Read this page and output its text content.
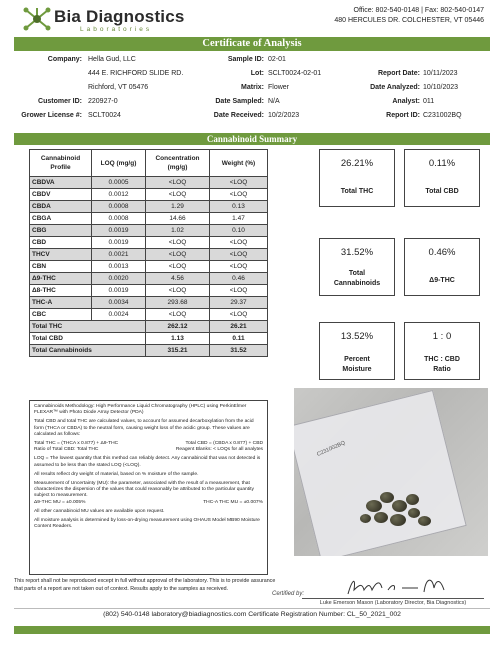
Bia Diagnostics
Laboratories
Office: 802-540-0148 | Fax: 802-540-0147
480 HERCULES DR. COLCHESTER, VT 05446
Certificate of Analysis
Company: Hella Gud, LLC
444 E. RICHFORD SLIDE RD.
Richford, VT 05476
Customer ID: 220927-0
Grower License #: SCLT0024
Sample ID: 02-01
Lot: SCLT0024-02-01
Matrix: Flower
Date Sampled: N/A
Date Received: 10/2/2023
Report Date: 10/11/2023
Date Analyzed: 10/10/2023
Analyst: 011
Report ID: C231002BQ
Cannabinoid Summary
Cannabinoid Profile	LOQ (mg/g)	Concentration (mg/g)	Weight (%)
CBDVA	0.0005	<LOQ	<LOQ
CBDV	0.0012	<LOQ	<LOQ
CBDA	0.0008	1.29	0.13
CBGA	0.0008	14.66	1.47
CBG	0.0019	1.02	0.10
CBD	0.0019	<LOQ	<LOQ
THCV	0.0021	<LOQ	<LOQ
CBN	0.0013	<LOQ	<LOQ
Δ9-THC	0.0020	4.56	0.46
Δ8-THC	0.0019	<LOQ	<LOQ
THC-A	0.0034	293.68	29.37
CBC	0.0024	<LOQ	<LOQ
Total THC		262.12	26.21
Total CBD		1.13	0.11
Total Cannabinoids		315.21	31.52
26.21%
Total THC
0.11%
Total CBD
31.52%
Total
Cannabinoids
0.46%
Δ9-THC
13.52%
Percent
Moisture
1 : 0
THC : CBD
Ratio

Cannabinoids Methodology: High Performance Liquid Chromatography (HPLC) using PerkinElmer FLEXAR™ with Photo Diode Array Detector (PDA)

Total CBD and total THC are calculated values, to account for assumed decarboxylation from the acid form (THCA or CBDA) to the neutral form, causing weight loss of the acidic group. These values are calculated as follows:

Total THC = (THCA x 0.877) + Δ9-THC	Total CBD = (CBDA x 0.877) + CBD
Ratio of Total CBD: Total THC	Reagent Blanks: < LOQs for all analytes

LOQ = The lowest quantity that this method can reliably detect. Any cannabinoid that was not detected is assumed to be less than the stated LOQ (<LOQ).

All results reflect dry weight of material, based on % moisture of the sample.

Measurement of Uncertainty (MU): the parameter, associated with the result of a measurement, that characterizes the dispersion of the values that could reasonably be attributed to the particular quantity subject to measurement.

Δ9-THC MU = ±0.005%	THC-A THC MU = ±0.007%

All other cannabinoid MU values are available upon request.

All moisture analysis is determined by loss-on-drying measurement using OHAUS Model MB90 Moisture Content Readers.

C231002BQ
This report shall not be reproduced except in full without approval of the laboratory. This is to provide assurance that parts of a report are not taken out of context. Results apply to the samples as received.
Certified by:
Luke Emerson Mason (Laboratory Director, Bia Diagnostics)
(802) 540-0148 laboratory@biadiagnostics.com Certificate Registration Number: CL_50_2021_002
